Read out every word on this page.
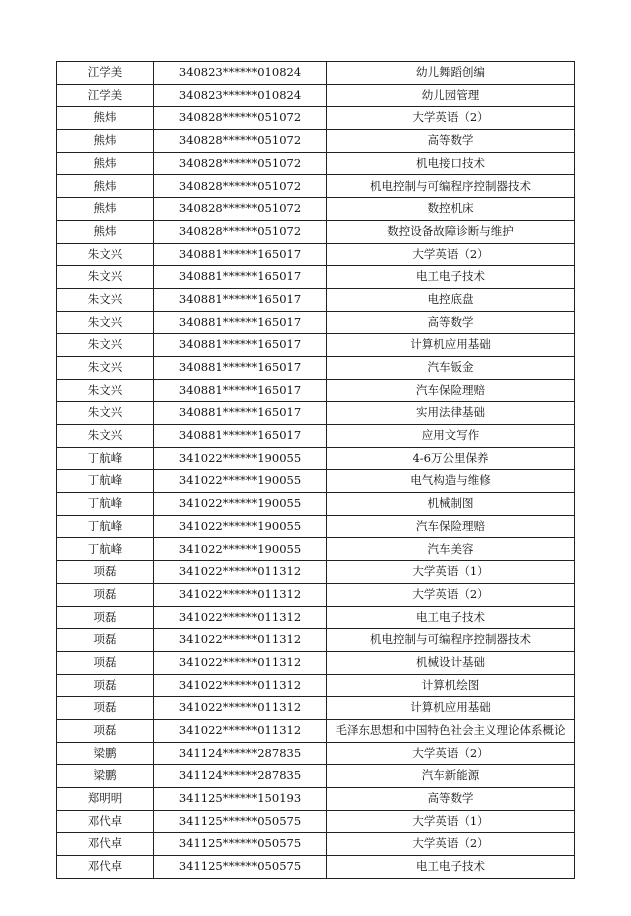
江学美	340823******010824	幼儿舞蹈创编
江学美	340823******010824	幼儿园管理
熊炜	340828******051072	大学英语（2）
熊炜	340828******051072	高等数学
熊炜	340828******051072	机电接口技术
熊炜	340828******051072	机电控制与可编程序控制器技术
熊炜	340828******051072	数控机床
熊炜	340828******051072	数控设备故障诊断与维护
朱文兴	340881******165017	大学英语（2）
朱文兴	340881******165017	电工电子技术
朱文兴	340881******165017	电控底盘
朱文兴	340881******165017	高等数学
朱文兴	340881******165017	计算机应用基础
朱文兴	340881******165017	汽车钣金
朱文兴	340881******165017	汽车保险理赔
朱文兴	340881******165017	实用法律基础
朱文兴	340881******165017	应用文写作
丁航峰	341022******190055	4-6万公里保养
丁航峰	341022******190055	电气构造与维修
丁航峰	341022******190055	机械制图
丁航峰	341022******190055	汽车保险理赔
丁航峰	341022******190055	汽车美容
项磊	341022******011312	大学英语（1）
项磊	341022******011312	大学英语（2）
项磊	341022******011312	电工电子技术
项磊	341022******011312	机电控制与可编程序控制器技术
项磊	341022******011312	机械设计基础
项磊	341022******011312	计算机绘图
项磊	341022******011312	计算机应用基础
项磊	341022******011312	毛泽东思想和中国特色社会主义理论体系概论
梁鹏	341124******287835	大学英语（2）
梁鹏	341124******287835	汽车新能源
郑明明	341125******150193	高等数学
邓代卓	341125******050575	大学英语（1）
邓代卓	341125******050575	大学英语（2）
邓代卓	341125******050575	电工电子技术
